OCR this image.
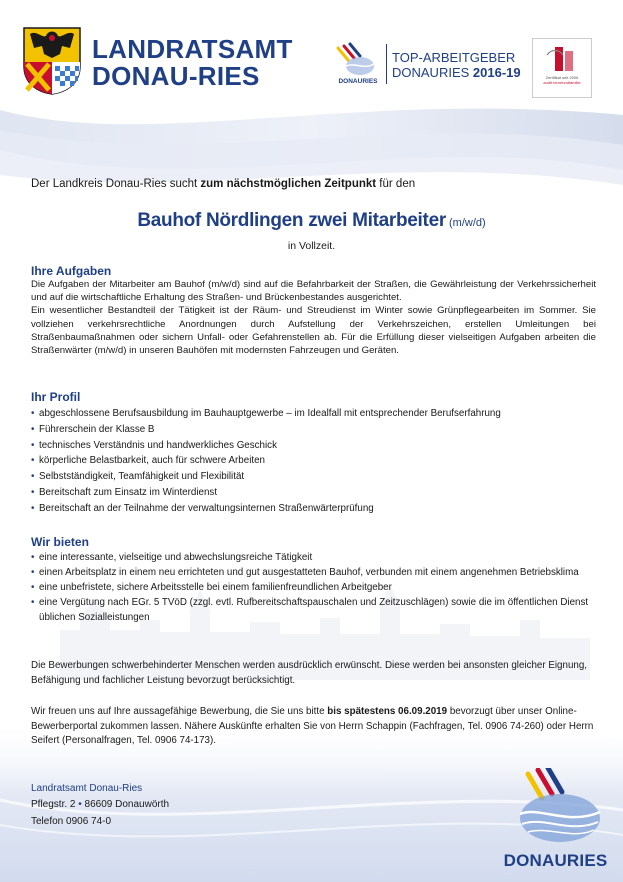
LANDRATSAMT
DONAU-RIES	DONAURIES
TOP-ARBEITGEBER
DONAURIES 2016-19	Zertifikat seit 2006
audit berufundfamilie
Der Landkreis Donau-Ries sucht zum nächstmöglichen Zeitpunkt für den
Bauhof Nördlingen zwei Mitarbeiter (m/w/d)
in Vollzeit.
Ihre Aufgaben
Die Aufgaben der Mitarbeiter am Bauhof (m/w/d) sind auf die Befahrbarkeit der Straßen, die Gewährleistung der Verkehrssicherheit und auf die wirtschaftliche Erhaltung des Straßen- und Brückenbestandes ausgerichtet.
Ein wesentlicher Bestandteil der Tätigkeit ist der Räum- und Streudienst im Winter sowie Grünpflegearbeiten im Sommer. Sie vollziehen verkehrsrechtliche Anordnungen durch Aufstellung der Verkehrszeichen, erstellen Umleitungen bei Straßenbaumaßnahmen oder sichern Unfall- oder Gefahrenstellen ab. Für die Erfüllung dieser vielseitigen Aufgaben arbeiten die Straßenwärter (m/w/d) in unseren Bauhöfen mit modernsten Fahrzeugen und Geräten.
Ihr Profil
• abgeschlossene Berufsausbildung im Bauhauptgewerbe – im Idealfall mit entsprechender Berufserfahrung
• Führerschein der Klasse B
• technisches Verständnis und handwerkliches Geschick
• körperliche Belastbarkeit, auch für schwere Arbeiten
• Selbstständigkeit, Teamfähigkeit und Flexibilität
• Bereitschaft zum Einsatz im Winterdienst
• Bereitschaft an der Teilnahme der verwaltungsinternen Straßenwärterprüfung
Wir bieten
• eine interessante, vielseitige und abwechslungsreiche Tätigkeit
• einen Arbeitsplatz in einem neu errichteten und gut ausgestatteten Bauhof, verbunden mit einem angenehmen Betriebsklima
• eine unbefristete, sichere Arbeitsstelle bei einem familienfreundlichen Arbeitgeber
• eine Vergütung nach EGr. 5 TVöD (zzgl. evtl. Rufbereitschaftspauschalen und Zeitzuschlägen) sowie die im öffentlichen Dienst üblichen Sozialleistungen
Die Bewerbungen schwerbehinderter Menschen werden ausdrücklich erwünscht. Diese werden bei ansonsten gleicher Eignung, Befähigung und fachlicher Leistung bevorzugt berücksichtigt.
Wir freuen uns auf Ihre aussagefähige Bewerbung, die Sie uns bitte bis spätestens 06.09.2019 bevorzugt über unser Online-Bewerberportal zukommen lassen. Nähere Auskünfte erhalten Sie von Herrn Schappin (Fachfragen, Tel. 0906 74-260) oder Herrn Seifert (Personalfragen, Tel. 0906 74-173).
Landratsamt Donau-Ries
Pflegstr. 2 • 86609 Donauwörth
Telefon 0906 74-0
DONAURIES
